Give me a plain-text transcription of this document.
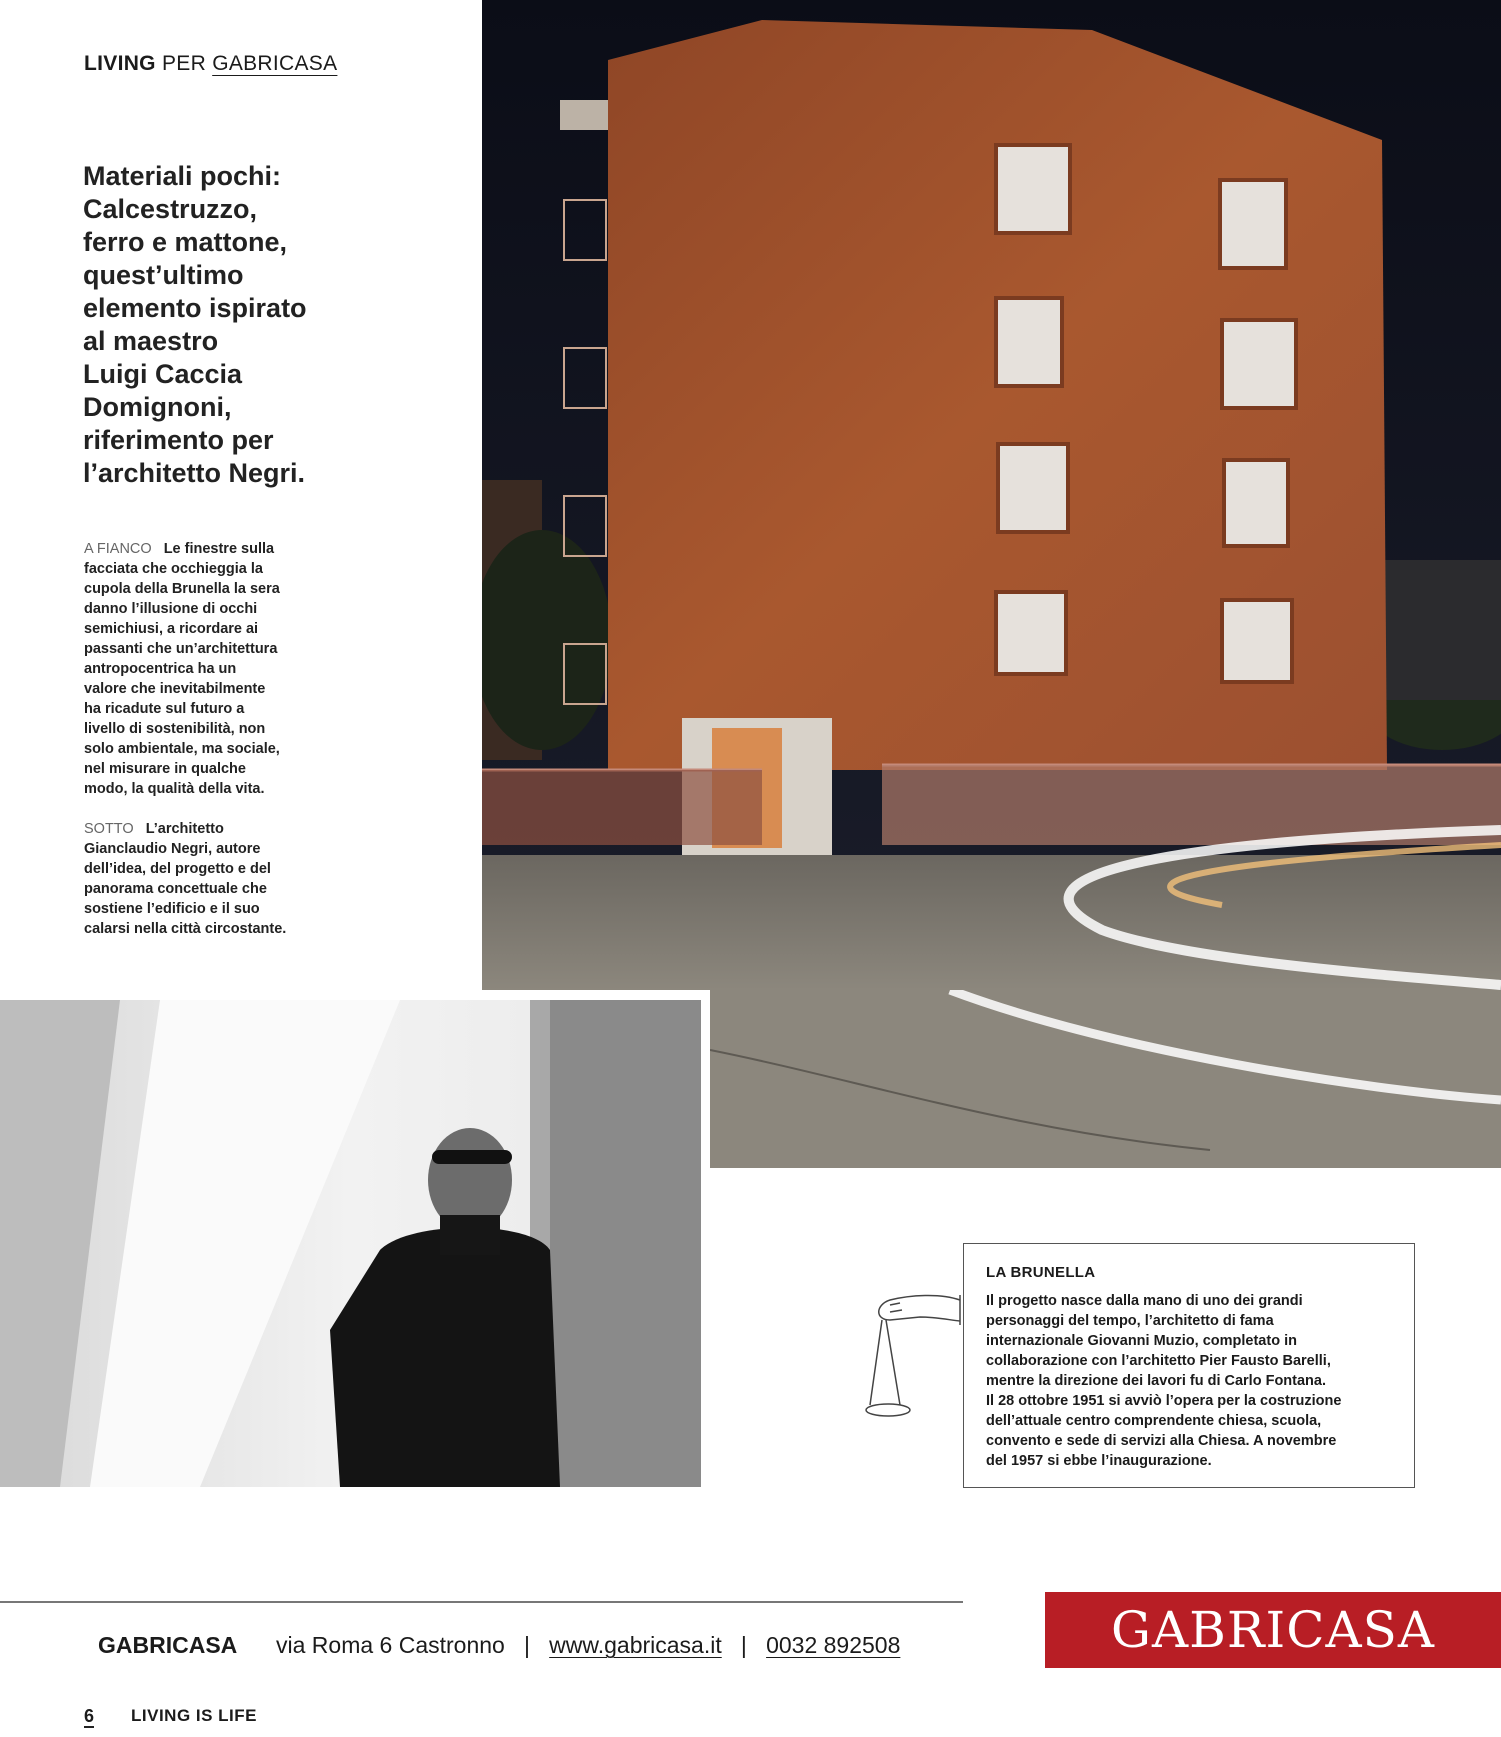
LIVING PER GABRICASA
Materiali pochi:
Calcestruzzo,
ferro e mattone,
quest’ultimo
elemento ispirato
al maestro
Luigi Caccia
Domignoni,
riferimento per
l’architetto Negri.
A FIANCO Le finestre sulla
facciata che occhieggia la
cupola della Brunella la sera
danno l’illusione di occhi
semichiusi, a ricordare ai
passanti che un’architettura
antropocentrica ha un
valore che inevitabilmente
ha ricadute sul futuro a
livello di sostenibilità, non
solo ambientale, ma sociale,
nel misurare in qualche
modo, la qualità della vita.
SOTTO L’architetto
Gianclaudio Negri, autore
dell’idea, del progetto e del
panorama concettuale che
sostiene l’edificio e il suo
calarsi nella città circostante.
LA BRUNELLA
Il progetto nasce dalla mano di uno dei grandi
personaggi del tempo, l’architetto di fama
internazionale Giovanni Muzio, completato in
collaborazione con l’architetto Pier Fausto Barelli,
mentre la direzione dei lavori fu di Carlo Fontana.
Il 28 ottobre 1951 si avviò l’opera per la costruzione
dell’attuale centro comprendente chiesa, scuola,
convento e sede di servizi alla Chiesa. A novembre
del 1957 si ebbe l’inaugurazione.
GABRICASA via Roma 6 Castronno | www.gabricasa.it | 0032 892508	GABRICASA
6 LIVING IS LIFE
